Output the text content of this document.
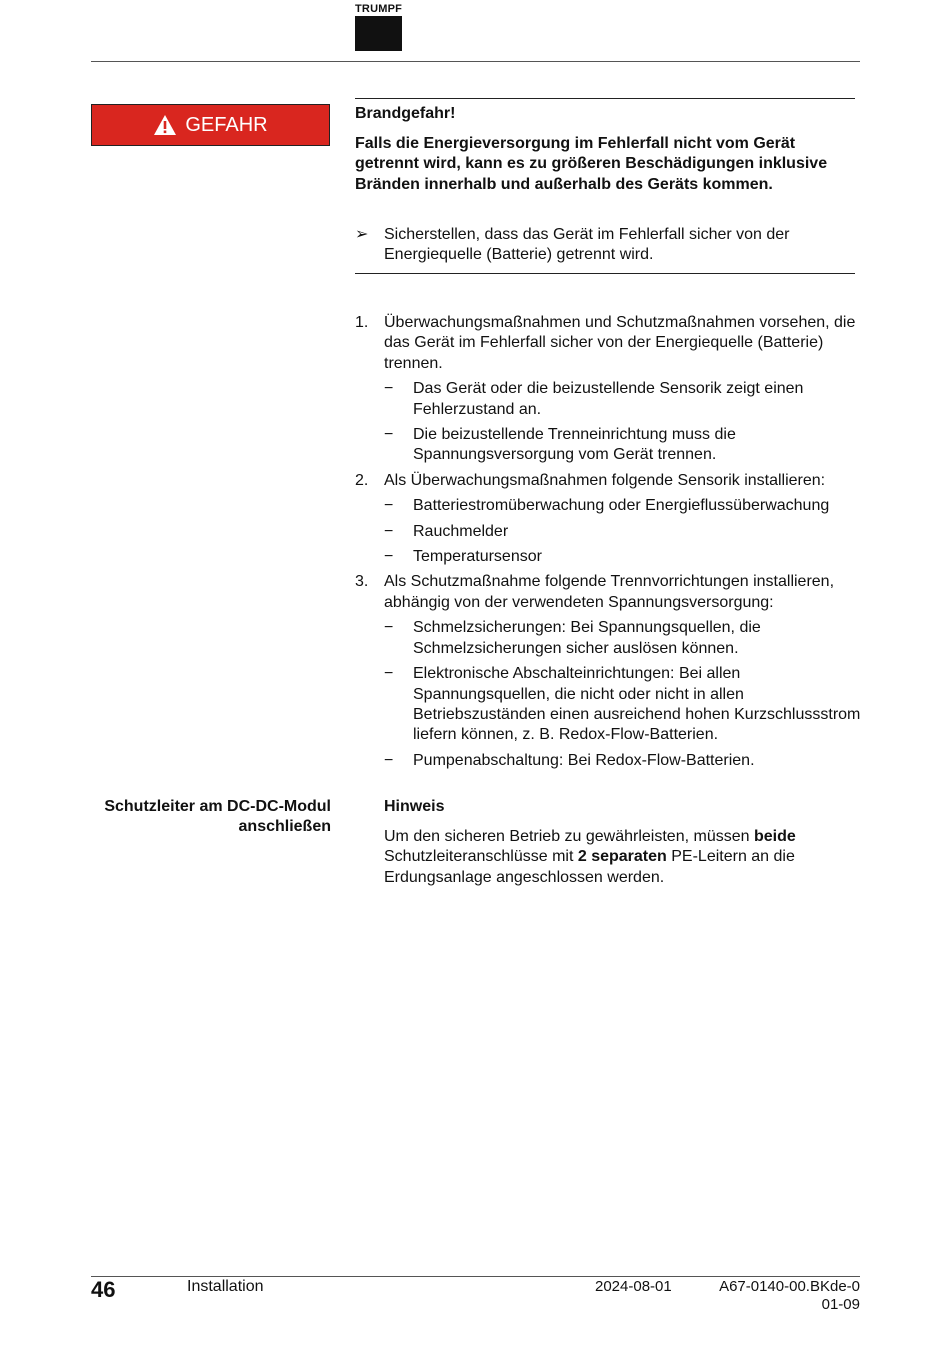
TRUMPF
GEFAHR	Brandgefahr!
Falls die Energieversorgung im Fehlerfall nicht vom Gerät getrennt wird, kann es zu größeren Beschädigungen inklusive Bränden innerhalb und außerhalb des Geräts kommen.
➢ Sicherstellen, dass das Gerät im Fehlerfall sicher von der Energiequelle (Batterie) getrennt wird.
1. Überwachungsmaßnahmen und Schutzmaßnahmen vorsehen, die das Gerät im Fehlerfall sicher von der Energiequelle (Batterie) trennen.
− Das Gerät oder die beizustellende Sensorik zeigt einen Fehlerzustand an.
− Die beizustellende Trenneinrichtung muss die Spannungsversorgung vom Gerät trennen.
2. Als Überwachungsmaßnahmen folgende Sensorik installieren:
− Batteriestromüberwachung oder Energieflussüberwachung
− Rauchmelder
− Temperatursensor
3. Als Schutzmaßnahme folgende Trennvorrichtungen installieren, abhängig von der verwendeten Spannungsversorgung:
− Schmelzsicherungen: Bei Spannungsquellen, die Schmelzsicherungen sicher auslösen können.
− Elektronische Abschalteinrichtungen: Bei allen Spannungsquellen, die nicht oder nicht in allen Betriebszuständen einen ausreichend hohen Kurzschlussstrom liefern können, z. B. Redox-Flow-Batterien.
− Pumpenabschaltung: Bei Redox-Flow-Batterien.
Schutzleiter am DC-DC-Modul anschließen
Hinweis
Um den sicheren Betrieb zu gewährleisten, müssen beide Schutzleiteranschlüsse mit 2 separaten PE-Leitern an die Erdungsanlage angeschlossen werden.
46	Installation	2024-08-01	A67-0140-00.BKde-0
01-09
